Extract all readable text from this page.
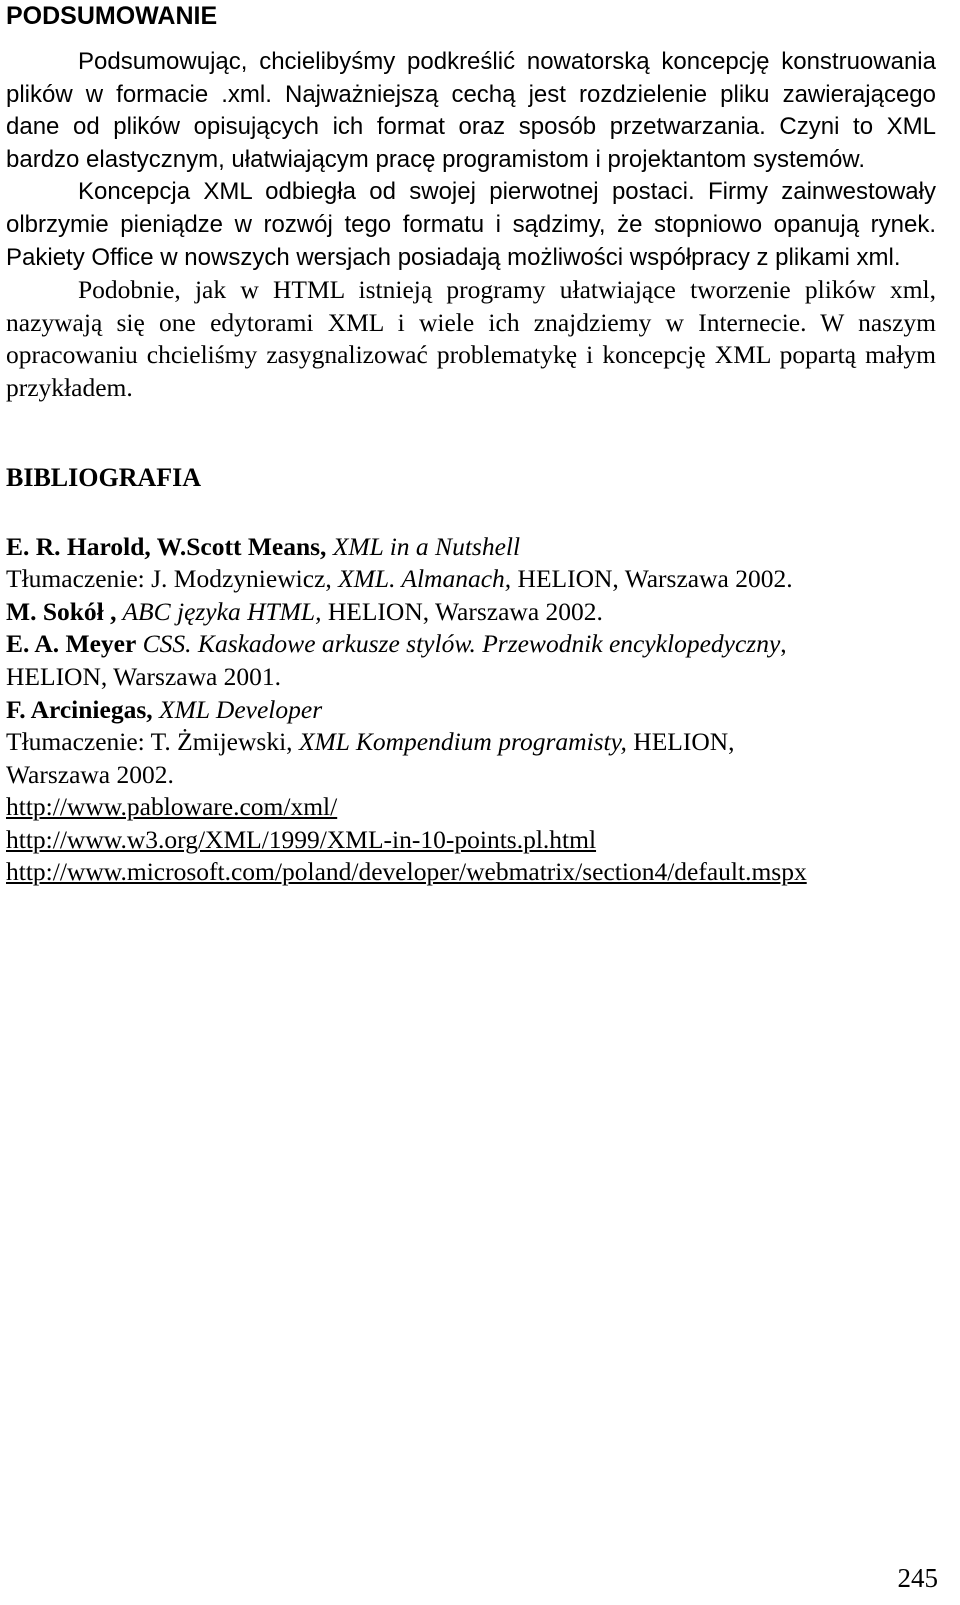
PODSUMOWANIE

Podsumowując, chcielibyśmy podkreślić nowatorską koncepcję konstruowania plików w formacie .xml. Najważniejszą cechą jest rozdzielenie pliku zawierającego dane od plików opisujących ich format oraz sposób przetwarzania. Czyni to XML bardzo elastycznym, ułatwiającym pracę programistom i projektantom systemów.

Koncepcja XML odbiegła od swojej pierwotnej postaci. Firmy zainwestowały olbrzymie pieniądze w rozwój tego formatu i sądzimy, że stopniowo opanują rynek. Pakiety Office w nowszych wersjach posiadają możliwości współpracy z plikami xml.

Podobnie, jak w HTML istnieją programy ułatwiające tworzenie plików xml, nazywają się one edytorami XML i wiele ich znajdziemy w Internecie. W naszym opracowaniu chcieliśmy zasygnalizować problematykę i koncepcję XML popartą małym przykładem.

BIBLIOGRAFIA

E. R. Harold, W.Scott Means, XML in a Nutshell

Tłumaczenie: J. Modzyniewicz, XML. Almanach, HELION, Warszawa 2002.

M. Sokół , ABC języka HTML, HELION, Warszawa 2002.

E. A. Meyer CSS. Kaskadowe arkusze stylów. Przewodnik encyklopedyczny,

HELION, Warszawa 2001.

F. Arciniegas, XML Developer

Tłumaczenie: T. Żmijewski, XML Kompendium programisty, HELION,

Warszawa 2002.

http://www.pabloware.com/xml/

http://www.w3.org/XML/1999/XML-in-10-points.pl.html

http://www.microsoft.com/poland/developer/webmatrix/section4/default.mspx

245
